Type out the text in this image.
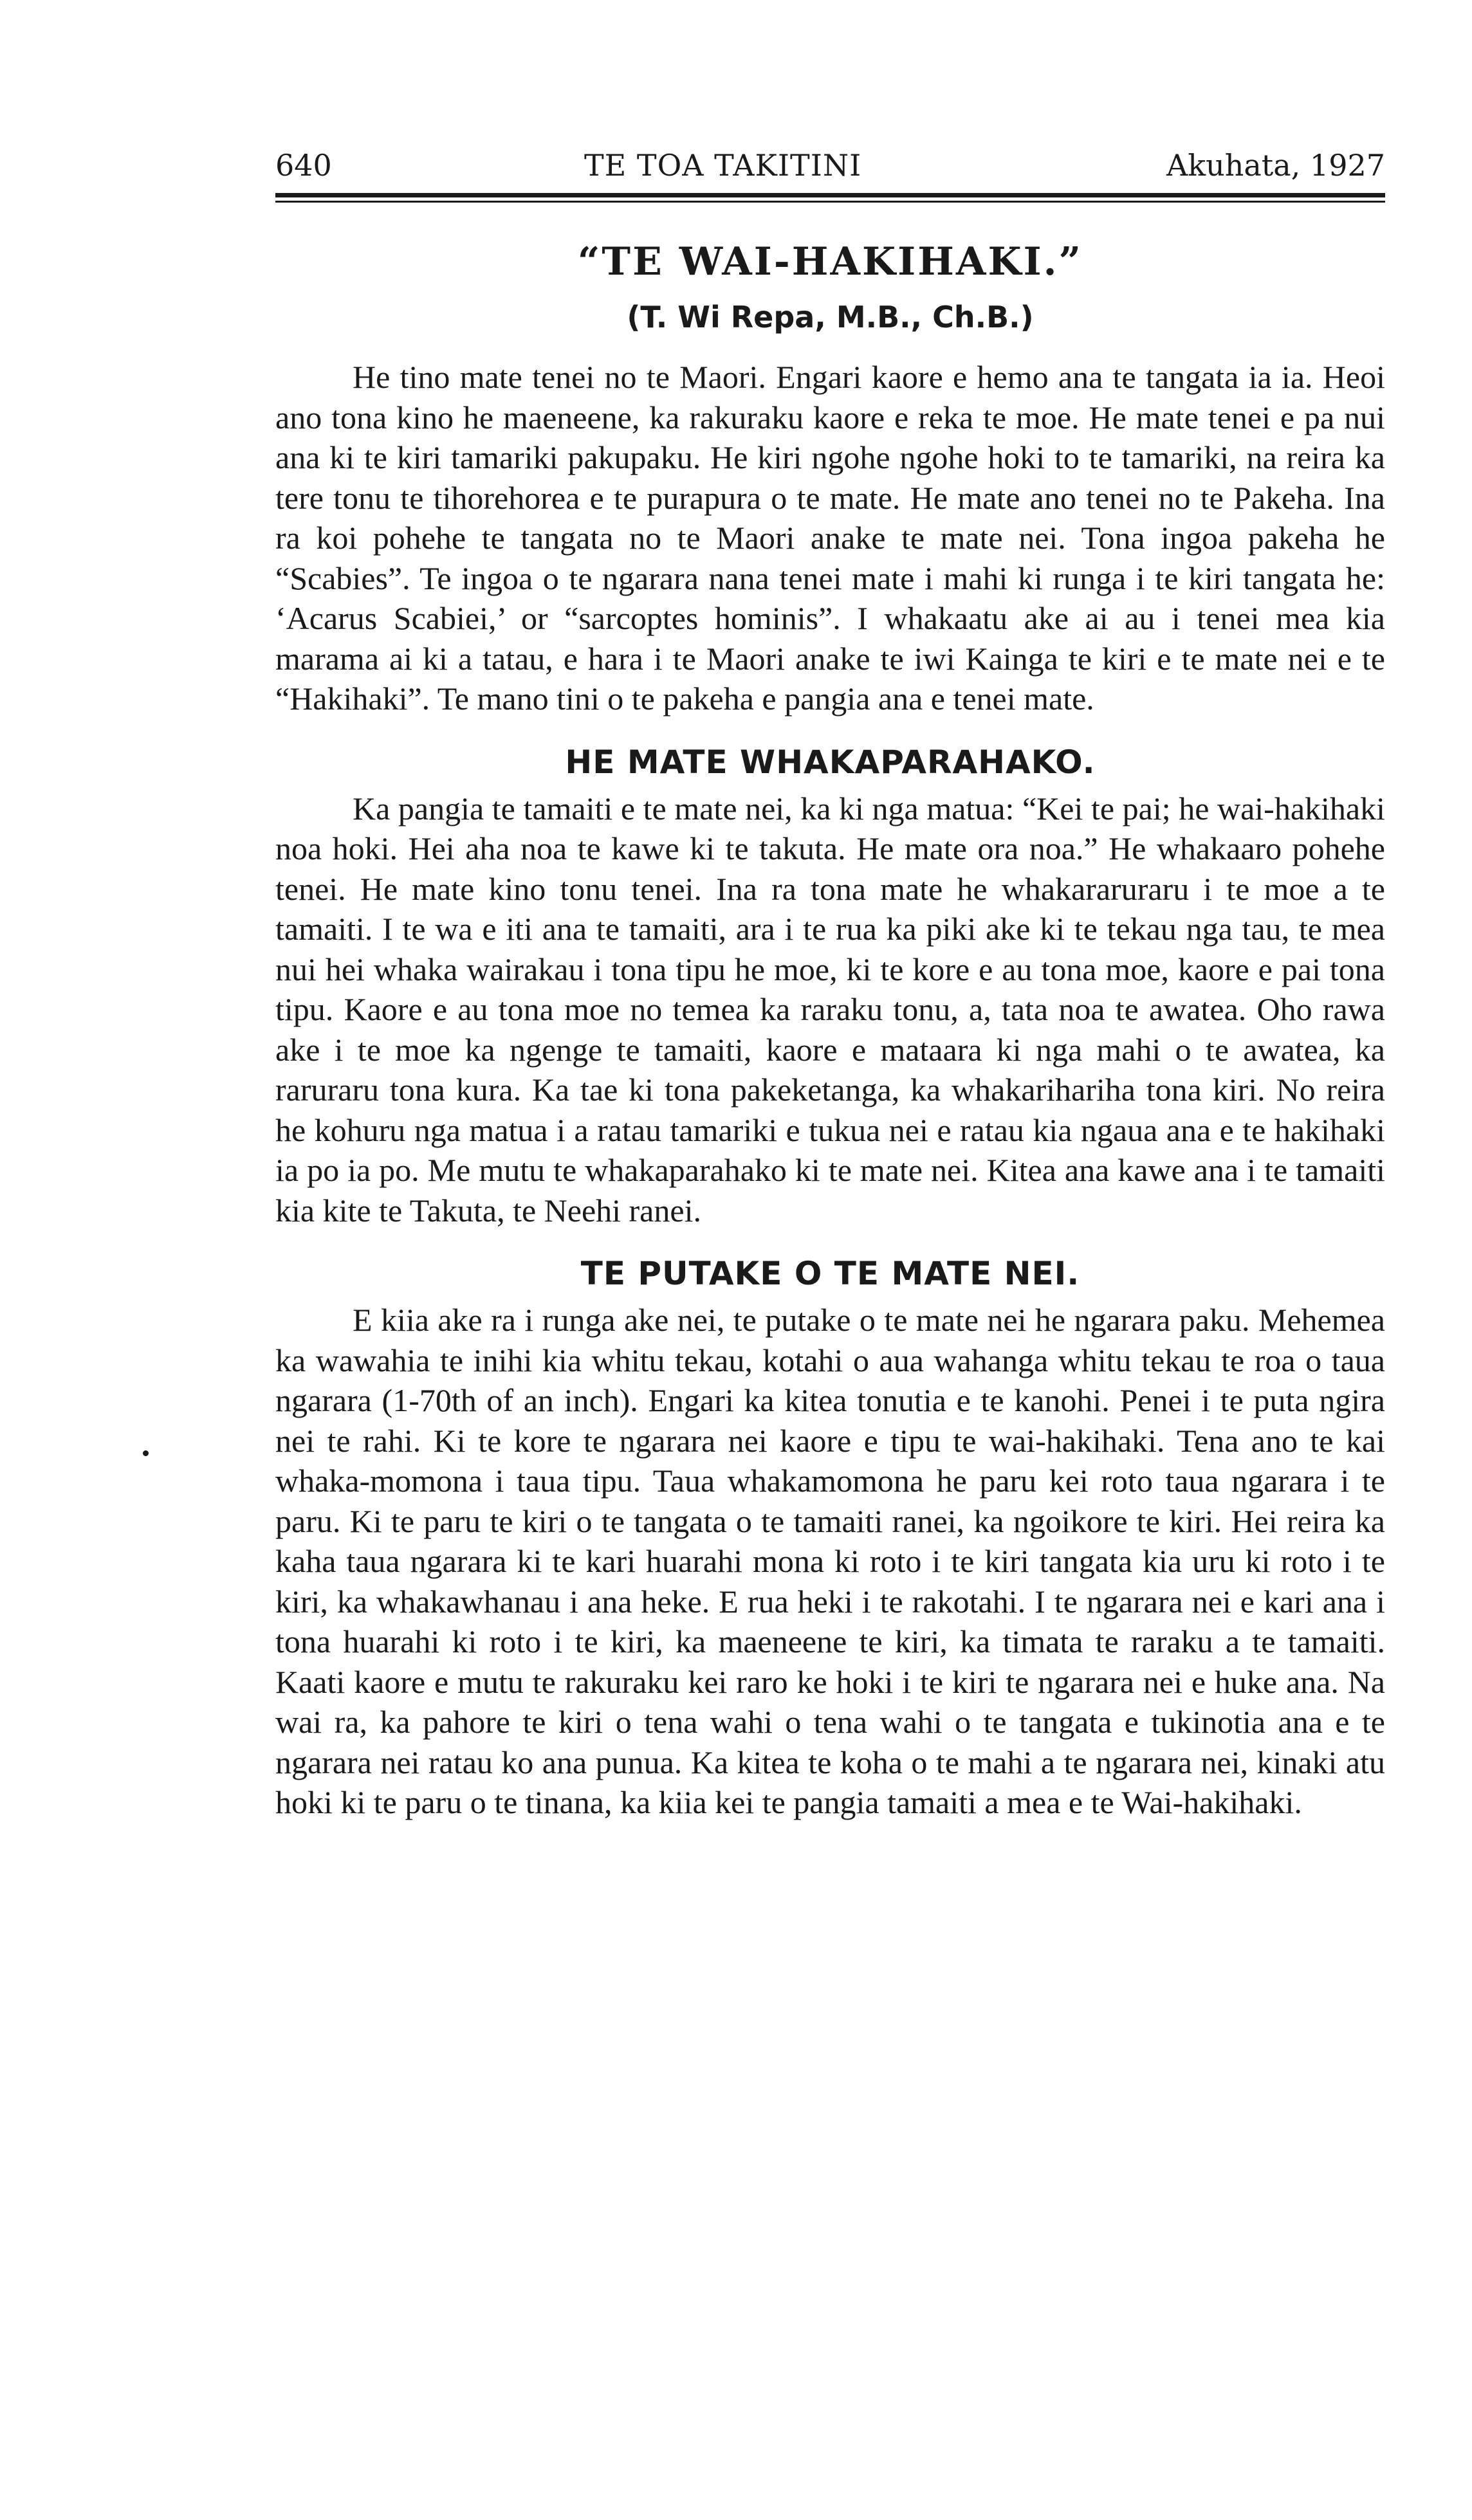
640	TE TOA TAKITINI	Akuhata, 1927
“TE WAI-HAKIHAKI.”
(T. Wi Repa, M.B., Ch.B.)

He tino mate tenei no te Maori. Engari kaore e hemo ana te tangata ia ia. Heoi ano tona kino he maeneene, ka rakuraku kaore e reka te moe. He mate tenei e pa nui ana ki te kiri tamariki pakupaku. He kiri ngohe ngohe hoki to te tamariki, na reira ka tere tonu te tihorehorea e te purapura o te mate. He mate ano tenei no te Pakeha. Ina ra koi pohehe te tangata no te Maori anake te mate nei. Tona ingoa pakeha he “Scabies”. Te ingoa o te ngarara nana tenei mate i mahi ki runga i te kiri tangata he: ‘Acarus Scabiei,’ or “sarcoptes hominis”. I whakaatu ake ai au i tenei mea kia marama ai ki a tatau, e hara i te Maori anake te iwi Kainga te kiri e te mate nei e te “Hakihaki”. Te mano tini o te pakeha e pangia ana e tenei mate.

HE MATE WHAKAPARAHAKO.

Ka pangia te tamaiti e te mate nei, ka ki nga matua: “Kei te pai; he wai-hakihaki noa hoki. Hei aha noa te kawe ki te takuta. He mate ora noa.” He whakaaro pohehe tenei. He mate kino tonu tenei. Ina ra tona mate he whakararuraru i te moe a te tamaiti. I te wa e iti ana te tamaiti, ara i te rua ka piki ake ki te tekau nga tau, te mea nui hei whaka wairakau i tona tipu he moe, ki te kore e au tona moe, kaore e pai tona tipu. Kaore e au tona moe no temea ka raraku tonu, a, tata noa te awatea. Oho rawa ake i te moe ka ngenge te tamaiti, kaore e mataara ki nga mahi o te awatea, ka raruraru tona kura. Ka tae ki tona pakeketanga, ka whakarihariha tona kiri. No reira he kohuru nga matua i a ratau tamariki e tukua nei e ratau kia ngaua ana e te hakihaki ia po ia po. Me mutu te whakaparahako ki te mate nei. Kitea ana kawe ana i te tamaiti kia kite te Takuta, te Neehi ranei.

TE PUTAKE O TE MATE NEI.

E kiia ake ra i runga ake nei, te putake o te mate nei he ngarara paku. Mehemea ka wawahia te inihi kia whitu tekau, kotahi o aua wahanga whitu tekau te roa o taua ngarara (1-70th of an inch). Engari ka kitea tonutia e te kanohi. Penei i te puta ngira nei te rahi. Ki te kore te ngarara nei kaore e tipu te wai-hakihaki. Tena ano te kai whaka-momona i taua tipu. Taua whakamomona he paru kei roto taua ngarara i te paru. Ki te paru te kiri o te tangata o te tamaiti ranei, ka ngoikore te kiri. Hei reira ka kaha taua ngarara ki te kari huarahi mona ki roto i te kiri tangata kia uru ki roto i te kiri, ka whakawhanau i ana heke. E rua heki i te rakotahi. I te ngarara nei e kari ana i tona huarahi ki roto i te kiri, ka maeneene te kiri, ka timata te raraku a te tamaiti. Kaati kaore e mutu te rakuraku kei raro ke hoki i te kiri te ngarara nei e huke ana. Na wai ra, ka pahore te kiri o tena wahi o tena wahi o te tangata e tukinotia ana e te ngarara nei ratau ko ana punua. Ka kitea te koha o te mahi a te ngarara nei, kinaki atu hoki ki te paru o te tinana, ka kiia kei te pangia tamaiti a mea e te Wai-hakihaki.
